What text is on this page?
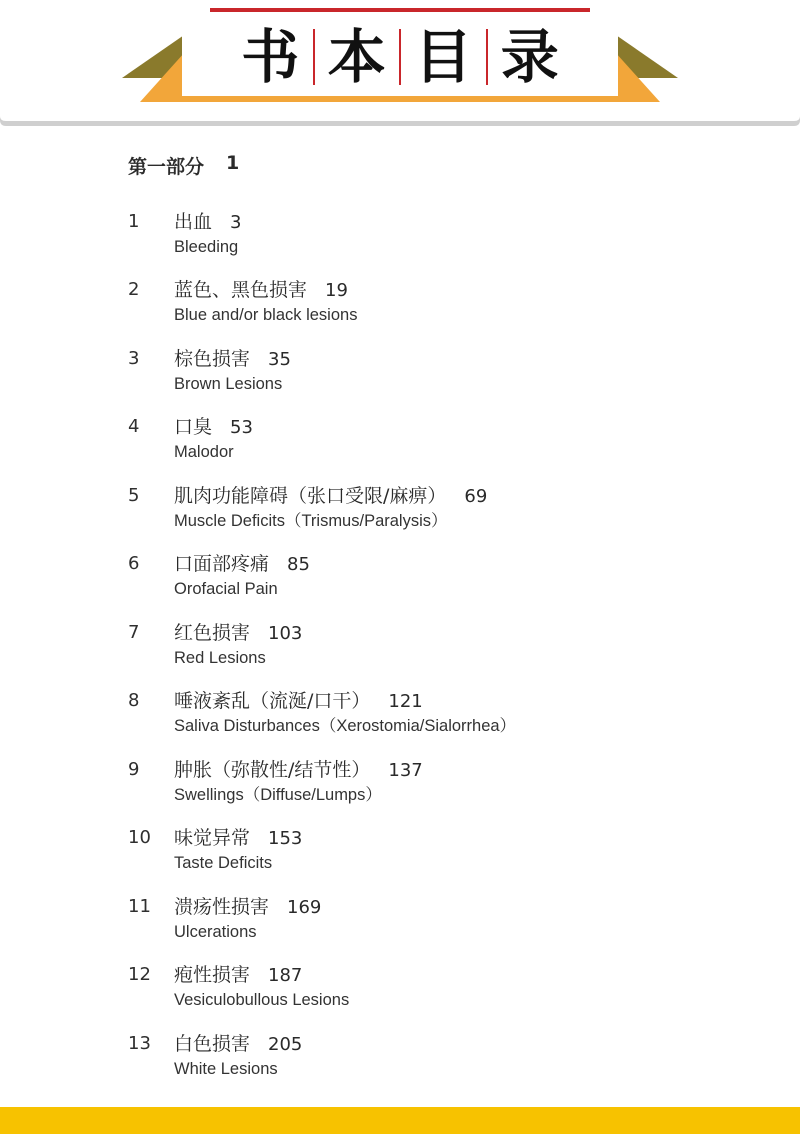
书 本 目 录
第一部分 1
1	出血 3
Bleeding
2	蓝色、黑色损害 19
Blue and/or black lesions
3	棕色损害 35
Brown Lesions
4	口臭 53
Malodor
5	肌肉功能障碍（张口受限/麻痹） 69
Muscle Deficits（Trismus/Paralysis）
6	口面部疼痛 85
Orofacial Pain
7	红色损害 103
Red Lesions
8	唾液紊乱（流涎/口干） 121
Saliva Disturbances（Xerostomia/Sialorrhea）
9	肿胀（弥散性/结节性） 137
Swellings（Diffuse/Lumps）
10	味觉异常 153
Taste Deficits
11	溃疡性损害 169
Ulcerations
12	疱性损害 187
Vesiculobullous Lesions
13	白色损害 205
White Lesions
